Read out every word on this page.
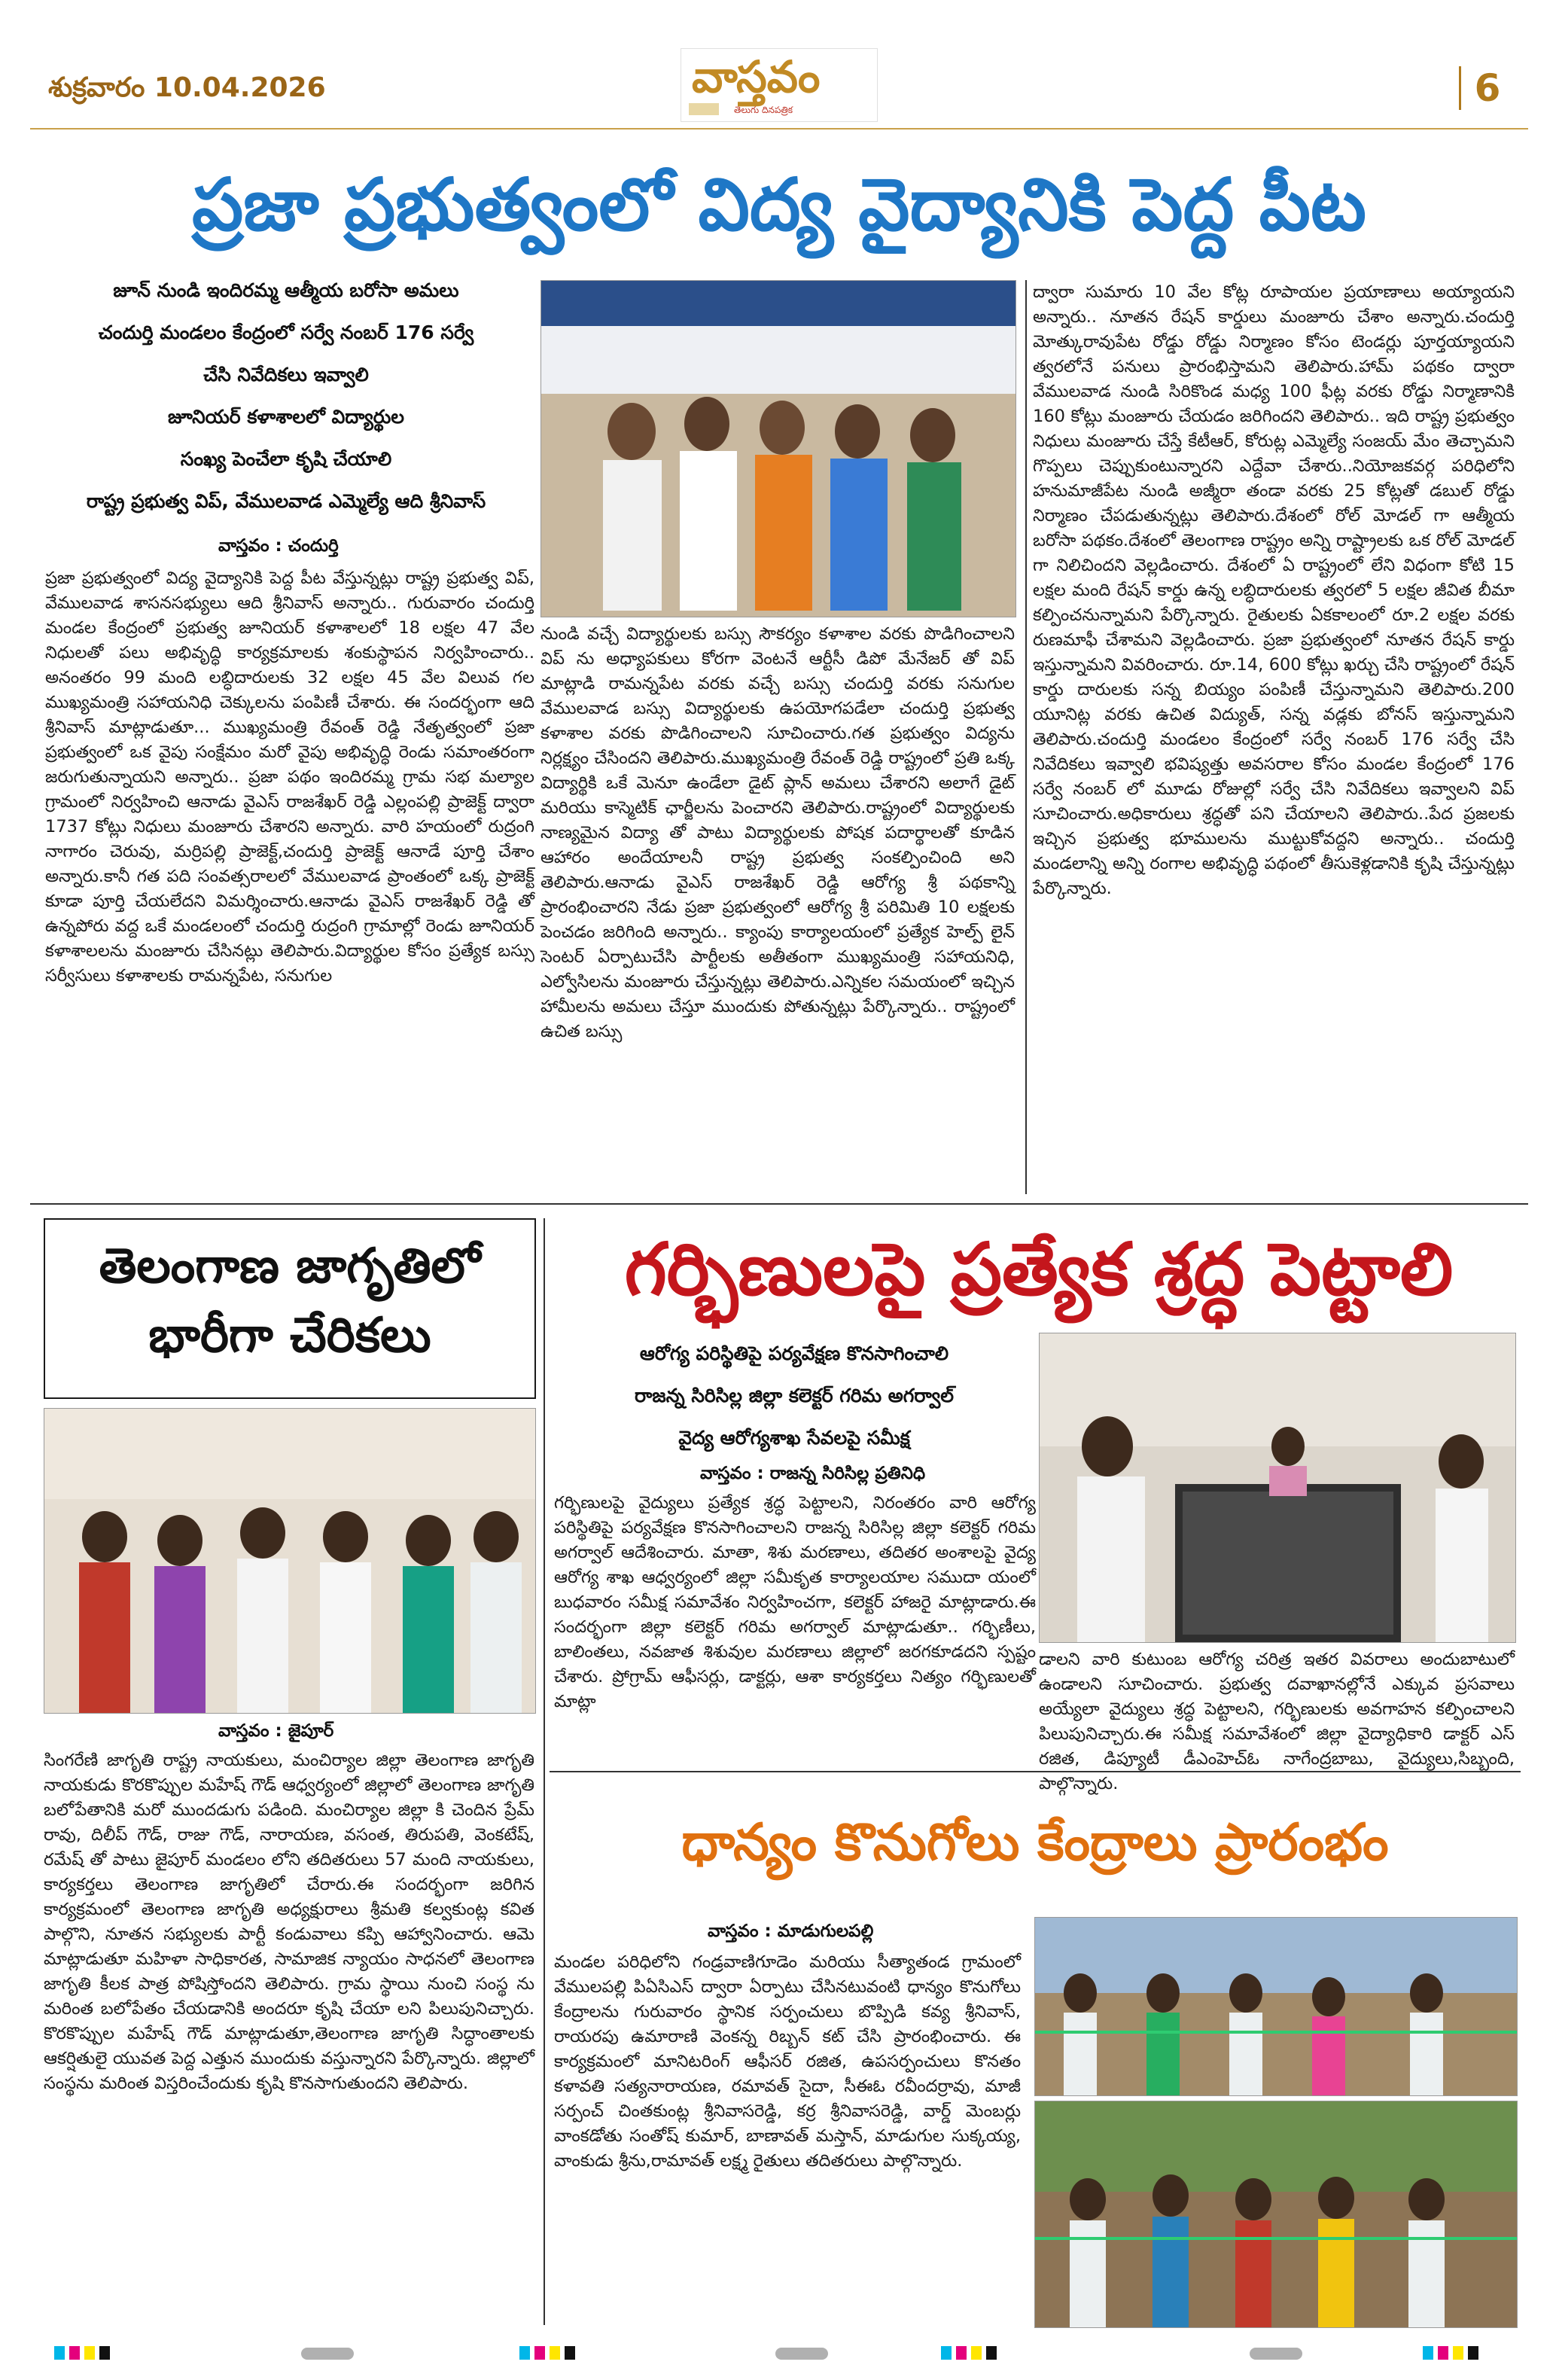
శుక్రవారం 10.04.2026	వాస్తవం
తెలుగు దినపత్రిక	6
ప్రజా ప్రభుత్వంలో విద్య వైద్యానికి పెద్ద పీట
జూన్ నుండి ఇందిరమ్మ ఆత్మీయ బరోసా అమలు
చందుర్తి మండలం కేంద్రంలో సర్వే నంబర్ 176 సర్వే
చేసి నివేదికలు ఇవ్వాలి
జూనియర్ కళాశాలలో విద్యార్థుల
సంఖ్య పెంచేలా కృషి చేయాలి
రాష్ట్ర ప్రభుత్వ విప్, వేములవాడ ఎమ్మెల్యే ఆది శ్రీనివాస్
వాస్తవం : చందుర్తి
ప్రజా ప్రభుత్వంలో విద్య వైద్యానికి పెద్ద పీట వేస్తున్నట్లు రాష్ట్ర ప్రభుత్వ విప్, వేములవాడ శాసనసభ్యులు ఆది శ్రీనివాస్ అన్నారు.. గురువారం చందుర్తి మండల కేంద్రంలో ప్రభుత్వ జూనియర్ కళాశాలలో 18 లక్షల 47 వేల నిధులతో పలు అభివృద్ధి కార్యక్రమాలకు శంకుస్థాపన నిర్వహించారు.. అనంతరం 99 మంది లబ్ధిదారులకు 32 లక్షల 45 వేల విలువ గల ముఖ్యమంత్రి సహాయనిధి చెక్కులను పంపిణీ చేశారు. ఈ సందర్భంగా ఆది శ్రీనివాస్ మాట్లాడుతూ... ముఖ్యమంత్రి రేవంత్ రెడ్డి నేతృత్వంలో ప్రజా ప్రభుత్వంలో ఒక వైపు సంక్షేమం మరో వైపు అభివృద్ధి రెండు సమాంతరంగా జరుగుతున్నాయని అన్నారు.. ప్రజా పథం ఇందిరమ్మ గ్రామ సభ మల్యాల గ్రామంలో నిర్వహించి ఆనాడు వైఎస్ రాజశేఖర్ రెడ్డి ఎల్లంపల్లి ప్రాజెక్ట్ ద్వారా 1737 కోట్లు నిధులు మంజూరు చేశారని అన్నారు. వారి హయంలో రుద్రంగి నాగారం చెరువు, మర్రిపల్లి ప్రాజెక్ట్,చందుర్తి ప్రాజెక్ట్ ఆనాడే పూర్తి చేశాం అన్నారు.కానీ గత పది సంవత్సరాలలో వేములవాడ ప్రాంతంలో ఒక్క ప్రాజెక్ట్ కూడా పూర్తి చేయలేదని విమర్శించారు.ఆనాడు వైఎస్ రాజశేఖర్ రెడ్డి తో ఉన్నపోరు వద్ద ఒకే మండలంలో చందుర్తి రుద్రంగి గ్రామాల్లో రెండు జూనియర్ కళాశాలలను మంజూరు చేసినట్లు తెలిపారు.విద్యార్థుల కోసం ప్రత్యేక బస్సు సర్వీసులు కళాశాలకు రామన్నపేట, సనుగుల
నుండి వచ్చే విద్యార్థులకు బస్సు సౌకర్యం కళాశాల వరకు పొడిగించాలని విప్ ను అధ్యాపకులు కోరగా వెంటనే ఆర్టీసీ డిపో మేనేజర్ తో విప్ మాట్లాడి రామన్నపేట వరకు వచ్చే బస్సు చందుర్తి వరకు సనుగుల వేములవాడ బస్సు విద్యార్థులకు ఉపయోగపడేలా చందుర్తి ప్రభుత్వ కళాశాల వరకు పొడిగించాలని సూచించారు.గత ప్రభుత్వం విద్యను నిర్లక్ష్యం చేసిందని తెలిపారు.ముఖ్యమంత్రి రేవంత్ రెడ్డి రాష్ట్రంలో ప్రతి ఒక్క విద్యార్థికి ఒకే మెనూ ఉండేలా డైట్ ప్లాన్ అమలు చేశారని అలాగే డైట్ మరియు కాస్మెటిక్ ఛార్జీలను పెంచారని తెలిపారు.రాష్ట్రంలో విద్యార్థులకు నాణ్యమైన విద్యా తో పాటు విద్యార్థులకు పోషక పదార్థాలతో కూడిన ఆహారం అందేయాలనీ రాష్ట్ర ప్రభుత్వ సంకల్పించింది అని తెలిపారు.ఆనాడు వైఎస్ రాజశేఖర్ రెడ్డి ఆరోగ్య శ్రీ పథకాన్ని ప్రారంభించారని నేడు ప్రజా ప్రభుత్వంలో ఆరోగ్య శ్రీ పరిమితి 10 లక్షలకు పెంచడం జరిగింది అన్నారు.. క్యాంపు కార్యాలయంలో ప్రత్యేక హెల్ప్ లైన్ సెంటర్ ఏర్పాటుచేసి పార్టీలకు అతీతంగా ముఖ్యమంత్రి సహాయనిధి, ఎల్వోసిలను మంజూరు చేస్తున్నట్లు తెలిపారు.ఎన్నికల సమయంలో ఇచ్చిన హామీలను అమలు చేస్తూ ముందుకు పోతున్నట్లు పేర్కొన్నారు.. రాష్ట్రంలో ఉచిత బస్సు
ద్వారా సుమారు 10 వేల కోట్ల రూపాయల ప్రయాణాలు అయ్యాయని అన్నారు.. నూతన రేషన్ కార్డులు మంజూరు చేశాం అన్నారు.చందుర్తి మోత్కురావుపేట రోడ్డు రోడ్డు నిర్మాణం కోసం టెండర్లు పూర్తయ్యాయని త్వరలోనే పనులు ప్రారంభిస్తామని తెలిపారు.హామ్ పథకం ద్వారా వేములవాడ నుండి సిరికొండ మధ్య 100 ఫీట్ల వరకు రోడ్డు నిర్మాణానికి 160 కోట్లు మంజూరు చేయడం జరిగిందని తెలిపారు.. ఇది రాష్ట్ర ప్రభుత్వం నిధులు మంజూరు చేస్తే కేటీఆర్, కోరుట్ల ఎమ్మెల్యే సంజయ్ మేం తెచ్చామని గొప్పలు చెప్పుకుంటున్నారని ఎద్దేవా చేశారు..నియోజకవర్గ పరిధిలోని హనుమాజీపేట నుండి అజ్మీరా తండా వరకు 25 కోట్లతో డబుల్ రోడ్డు నిర్మాణం చేపడుతున్నట్లు తెలిపారు.దేశంలో రోల్ మోడల్ గా ఆత్మీయ బరోసా పథకం.దేశంలో తెలంగాణ రాష్ట్రం అన్ని రాష్ట్రాలకు ఒక రోల్ మోడల్ గా నిలిచిందని వెల్లడించారు. దేశంలో ఏ రాష్ట్రంలో లేని విధంగా కోటి 15 లక్షల మంది రేషన్ కార్డు ఉన్న లబ్ధిదారులకు త్వరలో 5 లక్షల జీవిత బీమా కల్పించనున్నామని పేర్కొన్నారు. రైతులకు ఏకకాలంలో రూ.2 లక్షల వరకు రుణమాఫీ చేశామని వెల్లడించారు. ప్రజా ప్రభుత్వంలో నూతన రేషన్ కార్డు ఇస్తున్నామని వివరించారు. రూ.14, 600 కోట్లు ఖర్చు చేసి రాష్ట్రంలో రేషన్ కార్డు దారులకు సన్న బియ్యం పంపిణీ చేస్తున్నామని తెలిపారు.200 యూనిట్ల వరకు ఉచిత విద్యుత్, సన్న వడ్లకు బోనస్ ఇస్తున్నామని తెలిపారు.చందుర్తి మండలం కేంద్రంలో సర్వే నంబర్ 176 సర్వే చేసి నివేదికలు ఇవ్వాలి భవిష్యత్తు అవసరాల కోసం మండల కేంద్రంలో 176 సర్వే నంబర్ లో మూడు రోజుల్లో సర్వే చేసి నివేదికలు ఇవ్వాలని విప్ సూచించారు.అధికారులు శ్రద్ధతో పని చేయాలని తెలిపారు..పేద ప్రజలకు ఇచ్చిన ప్రభుత్వ భూములను ముట్టుకోవద్దని అన్నారు.. చందుర్తి మండలాన్ని అన్ని రంగాల అభివృద్ధి పథంలో తీసుకెళ్లడానికి కృషి చేస్తున్నట్లు పేర్కొన్నారు.
తెలంగాణ జాగృతిలో
భారీగా చేరికలు
వాస్తవం : జైపూర్
సింగరేణి జాగృతి రాష్ట్ర నాయకులు, మంచిర్యాల జిల్లా తెలంగాణ జాగృతి నాయకుడు కొరకొప్పుల మహేష్ గౌడ్ ఆధ్వర్యంలో జిల్లాలో తెలంగాణ జాగృతి బలోపేతానికి మరో ముందడుగు పడింది. మంచిర్యాల జిల్లా కి చెందిన ప్రేమ్ రావు, దిలీప్ గౌడ్, రాజు గౌడ్, నారాయణ, వసంత, తిరుపతి, వెంకటేష్, రమేష్ తో పాటు జైపూర్ మండలం లోని తదితరులు 57 మంది నాయకులు, కార్యకర్తలు తెలంగాణ జాగృతిలో చేరారు.ఈ సందర్భంగా జరిగిన కార్యక్రమంలో తెలంగాణ జాగృతి అధ్యక్షురాలు శ్రీమతి కల్వకుంట్ల కవిత పాల్గొని, నూతన సభ్యులకు పార్టీ కండువాలు కప్పి ఆహ్వానించారు. ఆమె మాట్లాడుతూ మహిళా సాధికారత, సామాజిక న్యాయం సాధనలో తెలంగాణ జాగృతి కీలక పాత్ర పోషిస్తోందని తెలిపారు. గ్రామ స్థాయి నుంచి సంస్థ ను మరింత బలోపేతం చేయడానికి అందరూ కృషి చేయా లని పిలుపునిచ్చారు. కొరకొప్పుల మహేష్ గౌడ్ మాట్లాడుతూ,తెలంగాణ జాగృతి సిద్ధాంతాలకు ఆకర్షితులై యువత పెద్ద ఎత్తున ముందుకు వస్తున్నారని పేర్కొన్నారు. జిల్లాలో సంస్థను మరింత విస్తరించేందుకు కృషి కొనసాగుతుందని తెలిపారు.
గర్భిణులపై ప్రత్యేక శ్రద్ధ పెట్టాలి
ఆరోగ్య పరిస్థితిపై పర్యవేక్షణ కొనసాగించాలి
రాజన్న సిరిసిల్ల జిల్లా కలెక్టర్ గరిమ అగర్వాల్
వైద్య ఆరోగ్యశాఖ సేవలపై సమీక్ష
వాస్తవం : రాజన్న సిరిసిల్ల ప్రతినిధి
గర్భిణులపై వైద్యులు ప్రత్యేక శ్రద్ధ పెట్టాలని, నిరంతరం వారి ఆరోగ్య పరిస్థితిపై పర్యవేక్షణ కొనసాగించాలని రాజన్న సిరిసిల్ల జిల్లా కలెక్టర్ గరిమ అగర్వాల్ ఆదేశించారు. మాతా, శిశు మరణాలు, తదితర అంశాలపై వైద్య ఆరోగ్య శాఖ ఆధ్వర్యంలో జిల్లా సమీకృత కార్యాలయాల సముదా యంలో బుధవారం సమీక్ష సమావేశం నిర్వహించగా, కలెక్టర్ హాజరై మాట్లాడారు.ఈ సందర్భంగా జిల్లా కలెక్టర్ గరిమ అగర్వాల్ మాట్లాడుతూ.. గర్భిణీలు, బాలింతలు, నవజాత శిశువుల మరణాలు జిల్లాలో జరగకూడదని స్పష్టం చేశారు. ప్రోగ్రామ్ ఆఫీసర్లు, డాక్టర్లు, ఆశా కార్యకర్తలు నిత్యం గర్భిణులతో మాట్లా
డాలని వారి కుటుంబ ఆరోగ్య చరిత్ర ఇతర వివరాలు అందుబాటులో ఉండాలని సూచించారు. ప్రభుత్వ దవాఖానల్లోనే ఎక్కువ ప్రసవాలు అయ్యేలా వైద్యులు శ్రద్ధ పెట్టాలని, గర్భిణులకు అవగాహన కల్పించాలని పిలుపునిచ్చారు.ఈ సమీక్ష సమావేశంలో జిల్లా వైద్యాధికారి డాక్టర్ ఎస్ రజిత, డిప్యూటీ డీఎంహెచ్ఓ నాగేంద్రబాబు, వైద్యులు,సిబ్బంది, పాల్గొన్నారు.
ధాన్యం కొనుగోలు కేంద్రాలు ప్రారంభం
వాస్తవం : మాడుగులపల్లి
మండల పరిధిలోని గండ్రవాణిగూడెం మరియు సీత్యాతండ గ్రామంలో వేములపల్లి పిఏసిఎస్ ద్వారా ఏర్పాటు చేసినటువంటి ధాన్యం కొనుగోలు కేంద్రాలను గురువారం స్థానిక సర్పంచులు బొప్పిడి కవ్య శ్రీనివాస్, రాయరపు ఉమారాణి వెంకన్న రిబ్బన్ కట్ చేసి ప్రారంభించారు. ఈ కార్యక్రమంలో మానిటరింగ్ ఆఫీసర్ రజిత, ఉపసర్పంచులు కొనతం కళావతి సత్యనారాయణ, రమావత్ సైదా, సీఈఓ రవీందర్రావు, మాజీ సర్పంచ్ చింతకుంట్ల శ్రీనివాసరెడ్డి, కర్ర శ్రీనివాసరెడ్డి, వార్డ్ మెంబర్లు వాంకడోతు సంతోష్ కుమార్, బాణావత్ మస్తాన్, మాడుగుల సుక్కయ్య, వాంకుడు శ్రీను,రామావత్ లక్ష్మ రైతులు తదితరులు పాల్గొన్నారు.
